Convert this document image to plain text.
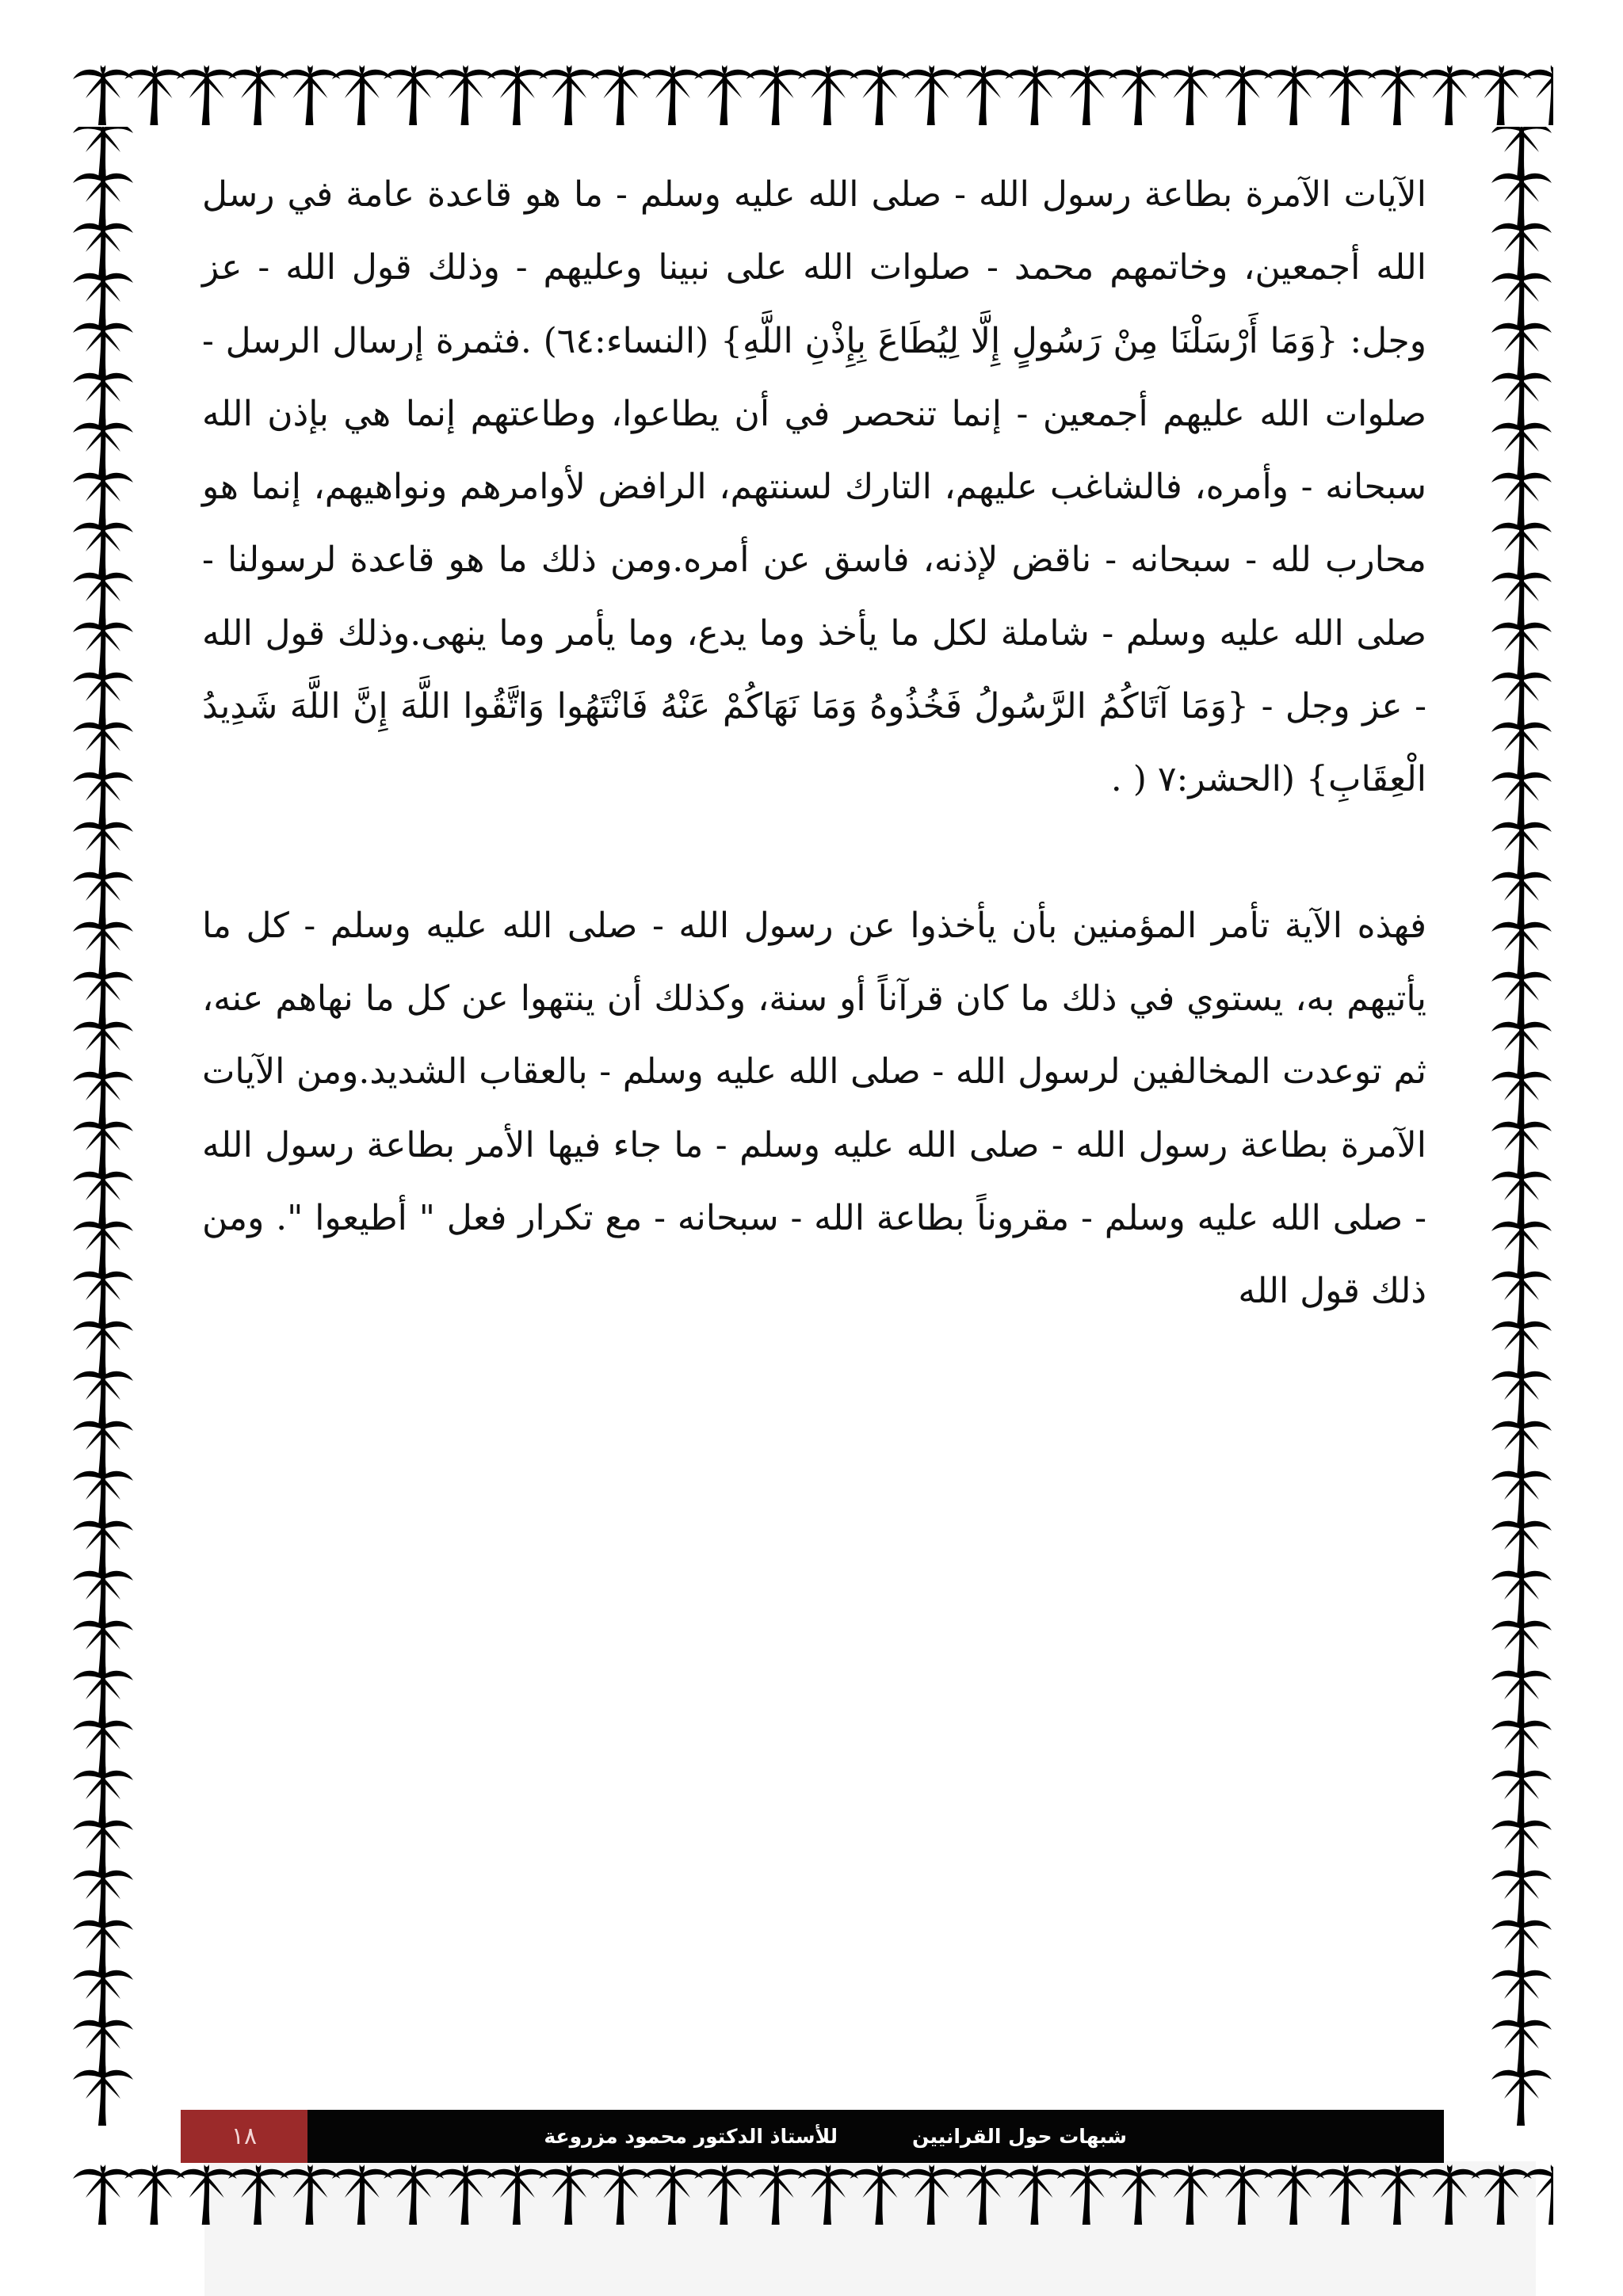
الآيات الآمرة بطاعة رسول الله - صلى الله عليه وسلم - ما هو قاعدة عامة في رسل الله أجمعين، وخاتمهم محمد - صلوات الله على نبينا وعليهم - وذلك قول الله - عز وجل: {وَمَا أَرْسَلْنَا مِنْ رَسُولٍ إِلَّا لِيُطَاعَ بِإِذْنِ اللَّهِ} (النساء:٦٤) .فثمرة إرسال الرسل - صلوات الله عليهم أجمعين - إنما تنحصر في أن يطاعوا، وطاعتهم إنما هي بإذن الله سبحانه - وأمره، فالشاغب عليهم، التارك لسنتهم، الرافض لأوامرهم ونواهيهم، إنما هو محارب لله - سبحانه - ناقض لإذنه، فاسق عن أمره.ومن ذلك ما هو قاعدة لرسولنا - صلى الله عليه وسلم - شاملة لكل ما يأخذ وما يدع، وما يأمر وما ينهى.وذلك قول الله - عز وجل - {وَمَا آتَاكُمُ الرَّسُولُ فَخُذُوهُ وَمَا نَهَاكُمْ عَنْهُ فَانْتَهُوا وَاتَّقُوا اللَّهَ إِنَّ اللَّهَ شَدِيدُ الْعِقَابِ} (الحشر:٧ ( .

فهذه الآية تأمر المؤمنين بأن يأخذوا عن رسول الله - صلى الله عليه وسلم - كل ما يأتيهم به، يستوي في ذلك ما كان قرآناً أو سنة، وكذلك أن ينتهوا عن كل ما نهاهم عنه، ثم توعدت المخالفين لرسول الله - صلى الله عليه وسلم - بالعقاب الشديد.ومن الآيات الآمرة بطاعة رسول الله - صلى الله عليه وسلم - ما جاء فيها الأمر بطاعة رسول الله - صلى الله عليه وسلم - مقروناً بطاعة الله - سبحانه - مع تكرار فعل " أطيعوا ". ومن ذلك قول الله

شبهات حول القرانيين
للأستاذ الدكتور محمود مزروعة
١٨
